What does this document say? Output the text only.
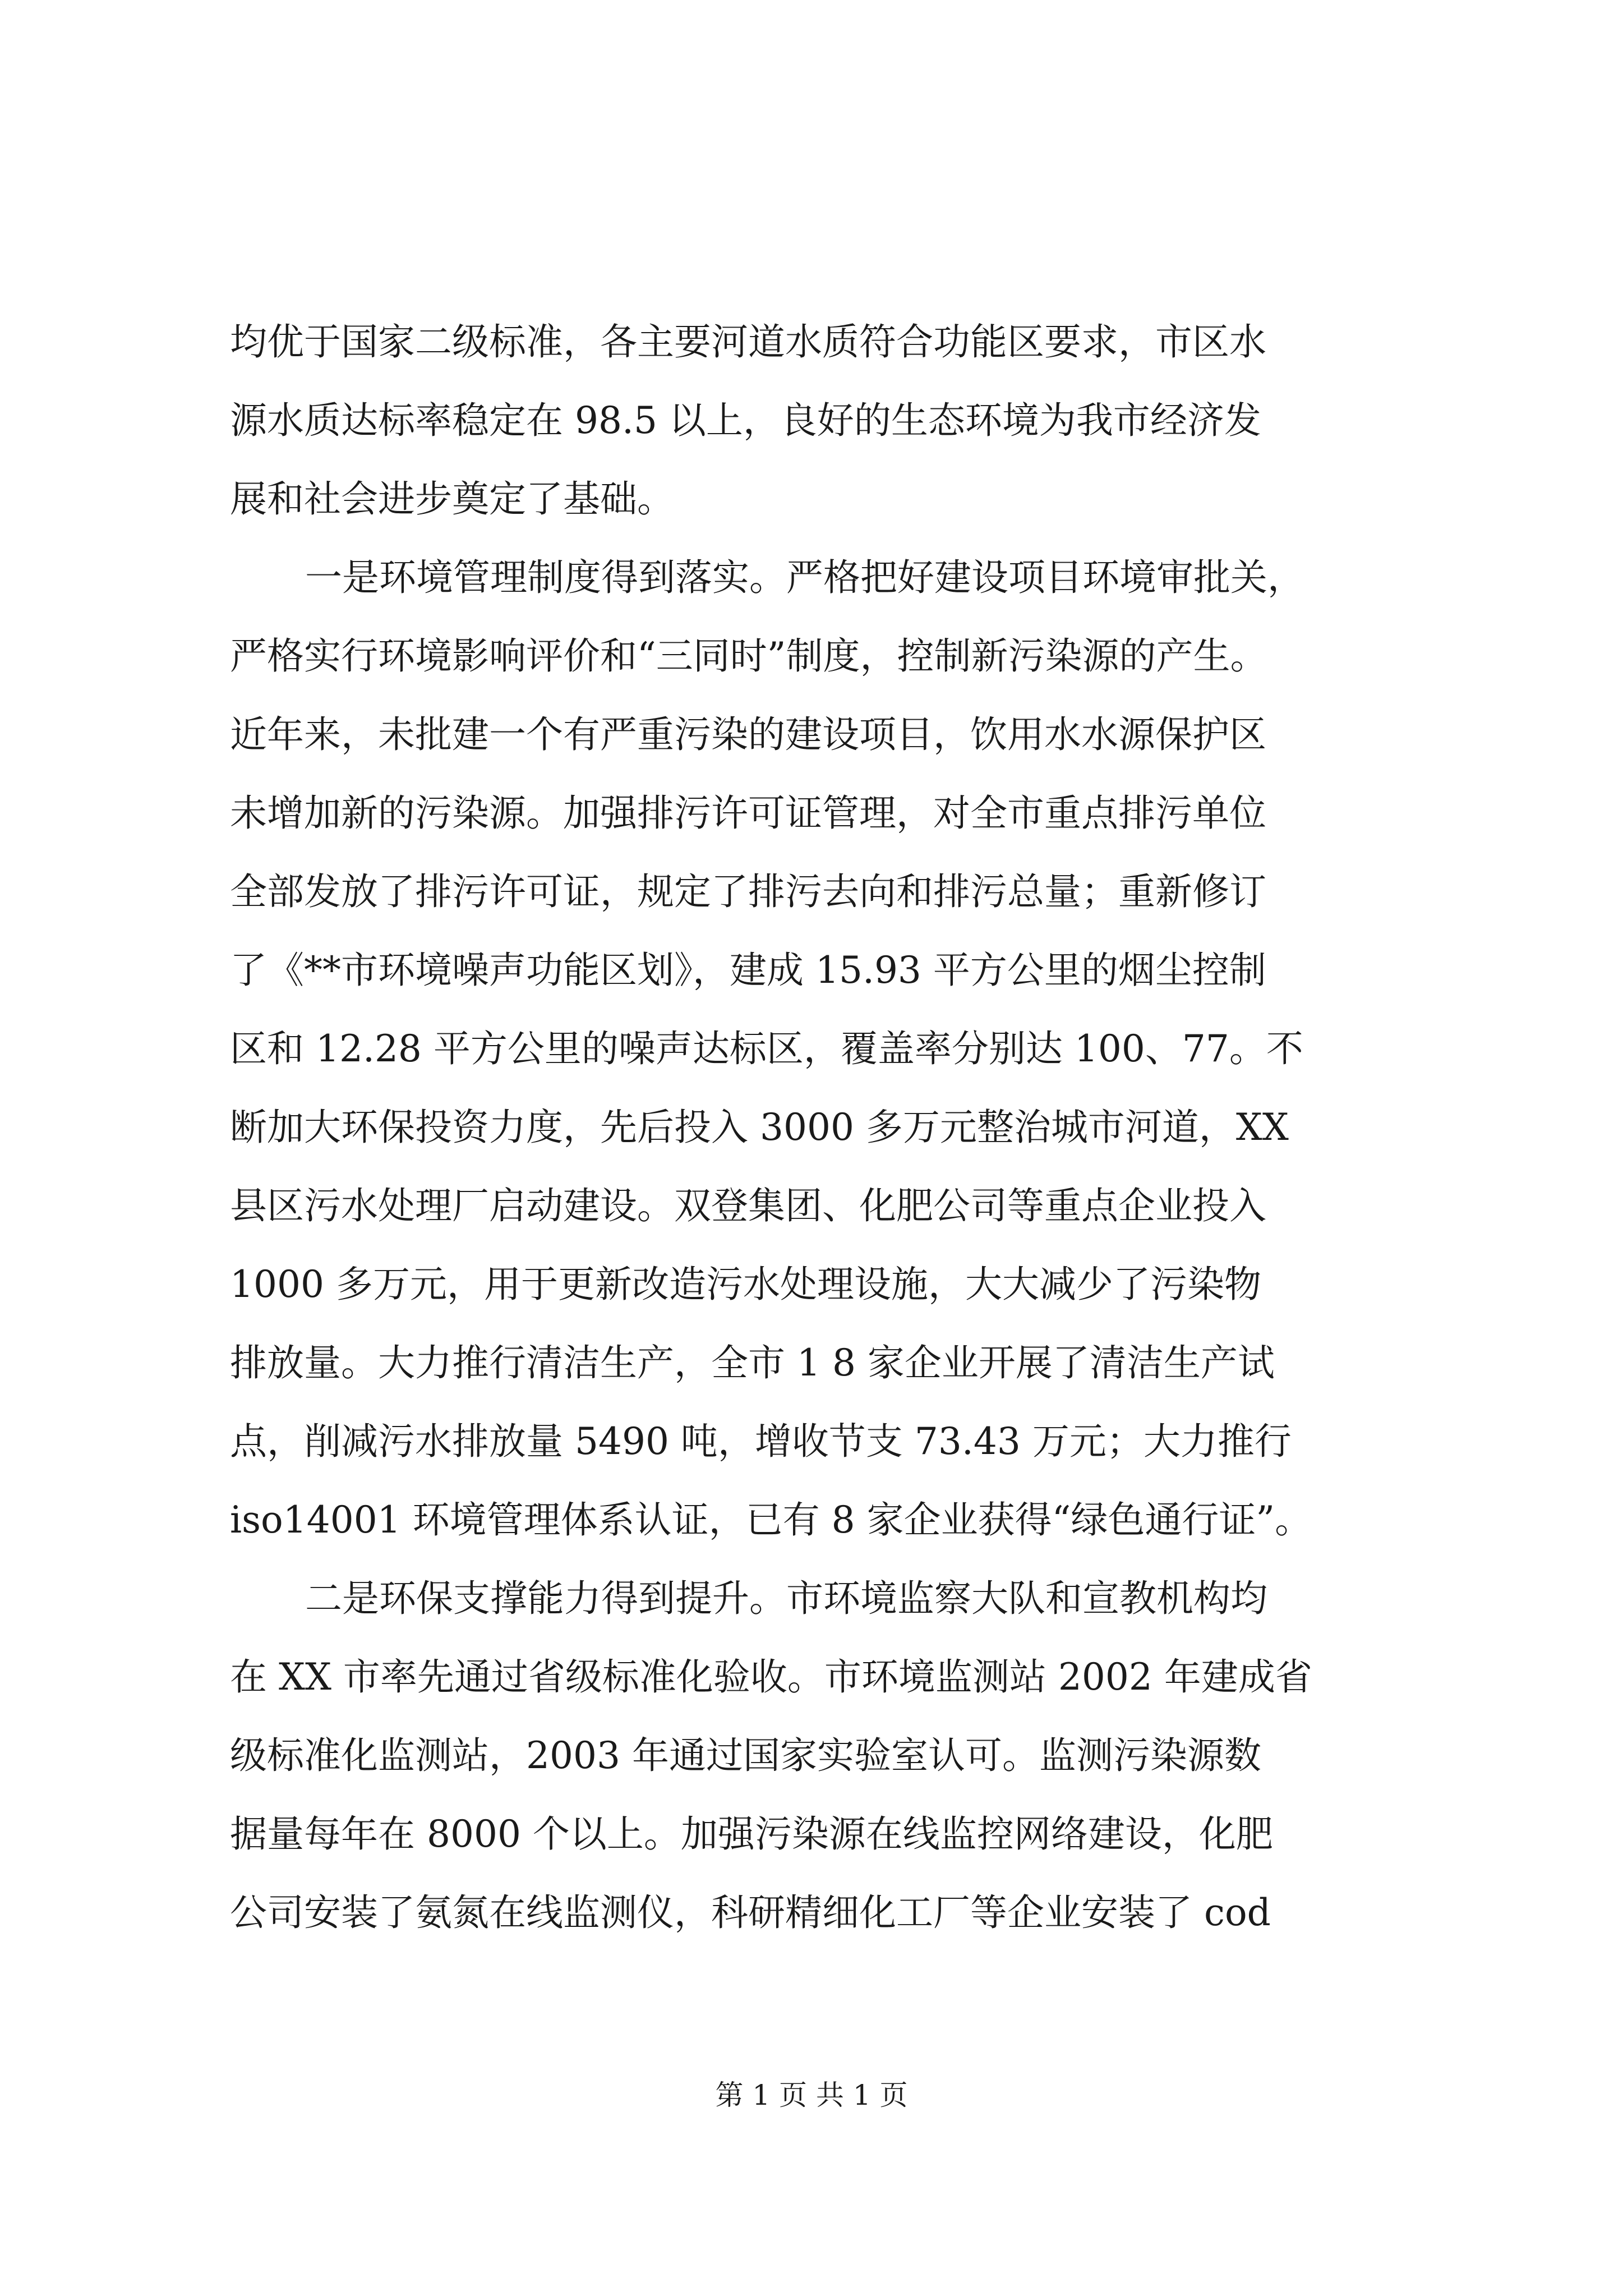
均优于国家二级标准，各主要河道水质符合功能区要求，市区水
源水质达标率稳定在 98.5 以上，良好的生态环境为我市经济发
展和社会进步奠定了基础。
一是环境管理制度得到落实。严格把好建设项目环境审批关，
严格实行环境影响评价和“三同时”制度，控制新污染源的产生。
近年来，未批建一个有严重污染的建设项目，饮用水水源保护区
未增加新的污染源。加强排污许可证管理，对全市重点排污单位
全部发放了排污许可证，规定了排污去向和排污总量；重新修订
了《**市环境噪声功能区划》，建成 15.93 平方公里的烟尘控制
区和 12.28 平方公里的噪声达标区，覆盖率分别达 100、77。不
断加大环保投资力度，先后投入 3000 多万元整治城市河道，XX
县区污水处理厂启动建设。双登集团、化肥公司等重点企业投入
1000 多万元，用于更新改造污水处理设施，大大减少了污染物
排放量。大力推行清洁生产，全市 1 8 家企业开展了清洁生产试
点，削减污水排放量 5490 吨，增收节支 73.43 万元；大力推行
iso14001 环境管理体系认证，已有 8 家企业获得“绿色通行证”。
二是环保支撑能力得到提升。市环境监察大队和宣教机构均
在 XX 市率先通过省级标准化验收。市环境监测站 2002 年建成省
级标准化监测站，2003 年通过国家实验室认可。监测污染源数
据量每年在 8000 个以上。加强污染源在线监控网络建设，化肥
公司安装了氨氮在线监测仪，科研精细化工厂等企业安装了 cod
第 1 页 共 1 页
